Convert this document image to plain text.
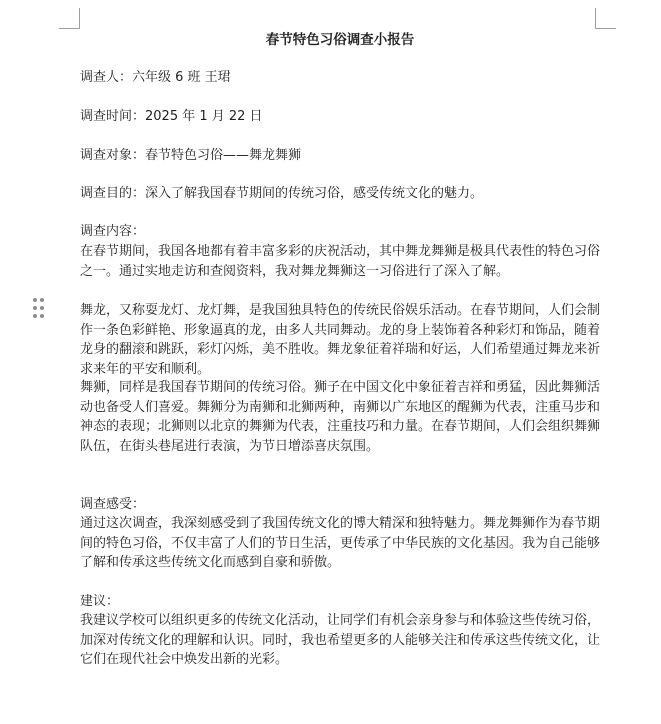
春节特色习俗调查小报告

调查人：六年级 6 班 王珺

调查时间：2025 年 1 月 22 日

调查对象：春节特色习俗——舞龙舞狮

调查目的：深入了解我国春节期间的传统习俗，感受传统文化的魅力。

调查内容：

在春节期间，我国各地都有着丰富多彩的庆祝活动，其中舞龙舞狮是极具代表性的特色习俗之一。通过实地走访和查阅资料，我对舞龙舞狮这一习俗进行了深入了解。

舞龙，又称耍龙灯、龙灯舞，是我国独具特色的传统民俗娱乐活动。在春节期间，人们会制作一条色彩鲜艳、形象逼真的龙，由多人共同舞动。龙的身上装饰着各种彩灯和饰品，随着龙身的翻滚和跳跃，彩灯闪烁，美不胜收。舞龙象征着祥瑞和好运，人们希望通过舞龙来祈求来年的平安和顺利。

舞狮，同样是我国春节期间的传统习俗。狮子在中国文化中象征着吉祥和勇猛，因此舞狮活动也备受人们喜爱。舞狮分为南狮和北狮两种，南狮以广东地区的醒狮为代表，注重马步和神态的表现；北狮则以北京的舞狮为代表，注重技巧和力量。在春节期间，人们会组织舞狮队伍，在街头巷尾进行表演，为节日增添喜庆氛围。

调查感受：

通过这次调查，我深刻感受到了我国传统文化的博大精深和独特魅力。舞龙舞狮作为春节期间的特色习俗，不仅丰富了人们的节日生活，更传承了中华民族的文化基因。我为自己能够了解和传承这些传统文化而感到自豪和骄傲。

建议：

我建议学校可以组织更多的传统文化活动，让同学们有机会亲身参与和体验这些传统习俗，加深对传统文化的理解和认识。同时，我也希望更多的人能够关注和传承这些传统文化，让它们在现代社会中焕发出新的光彩。
